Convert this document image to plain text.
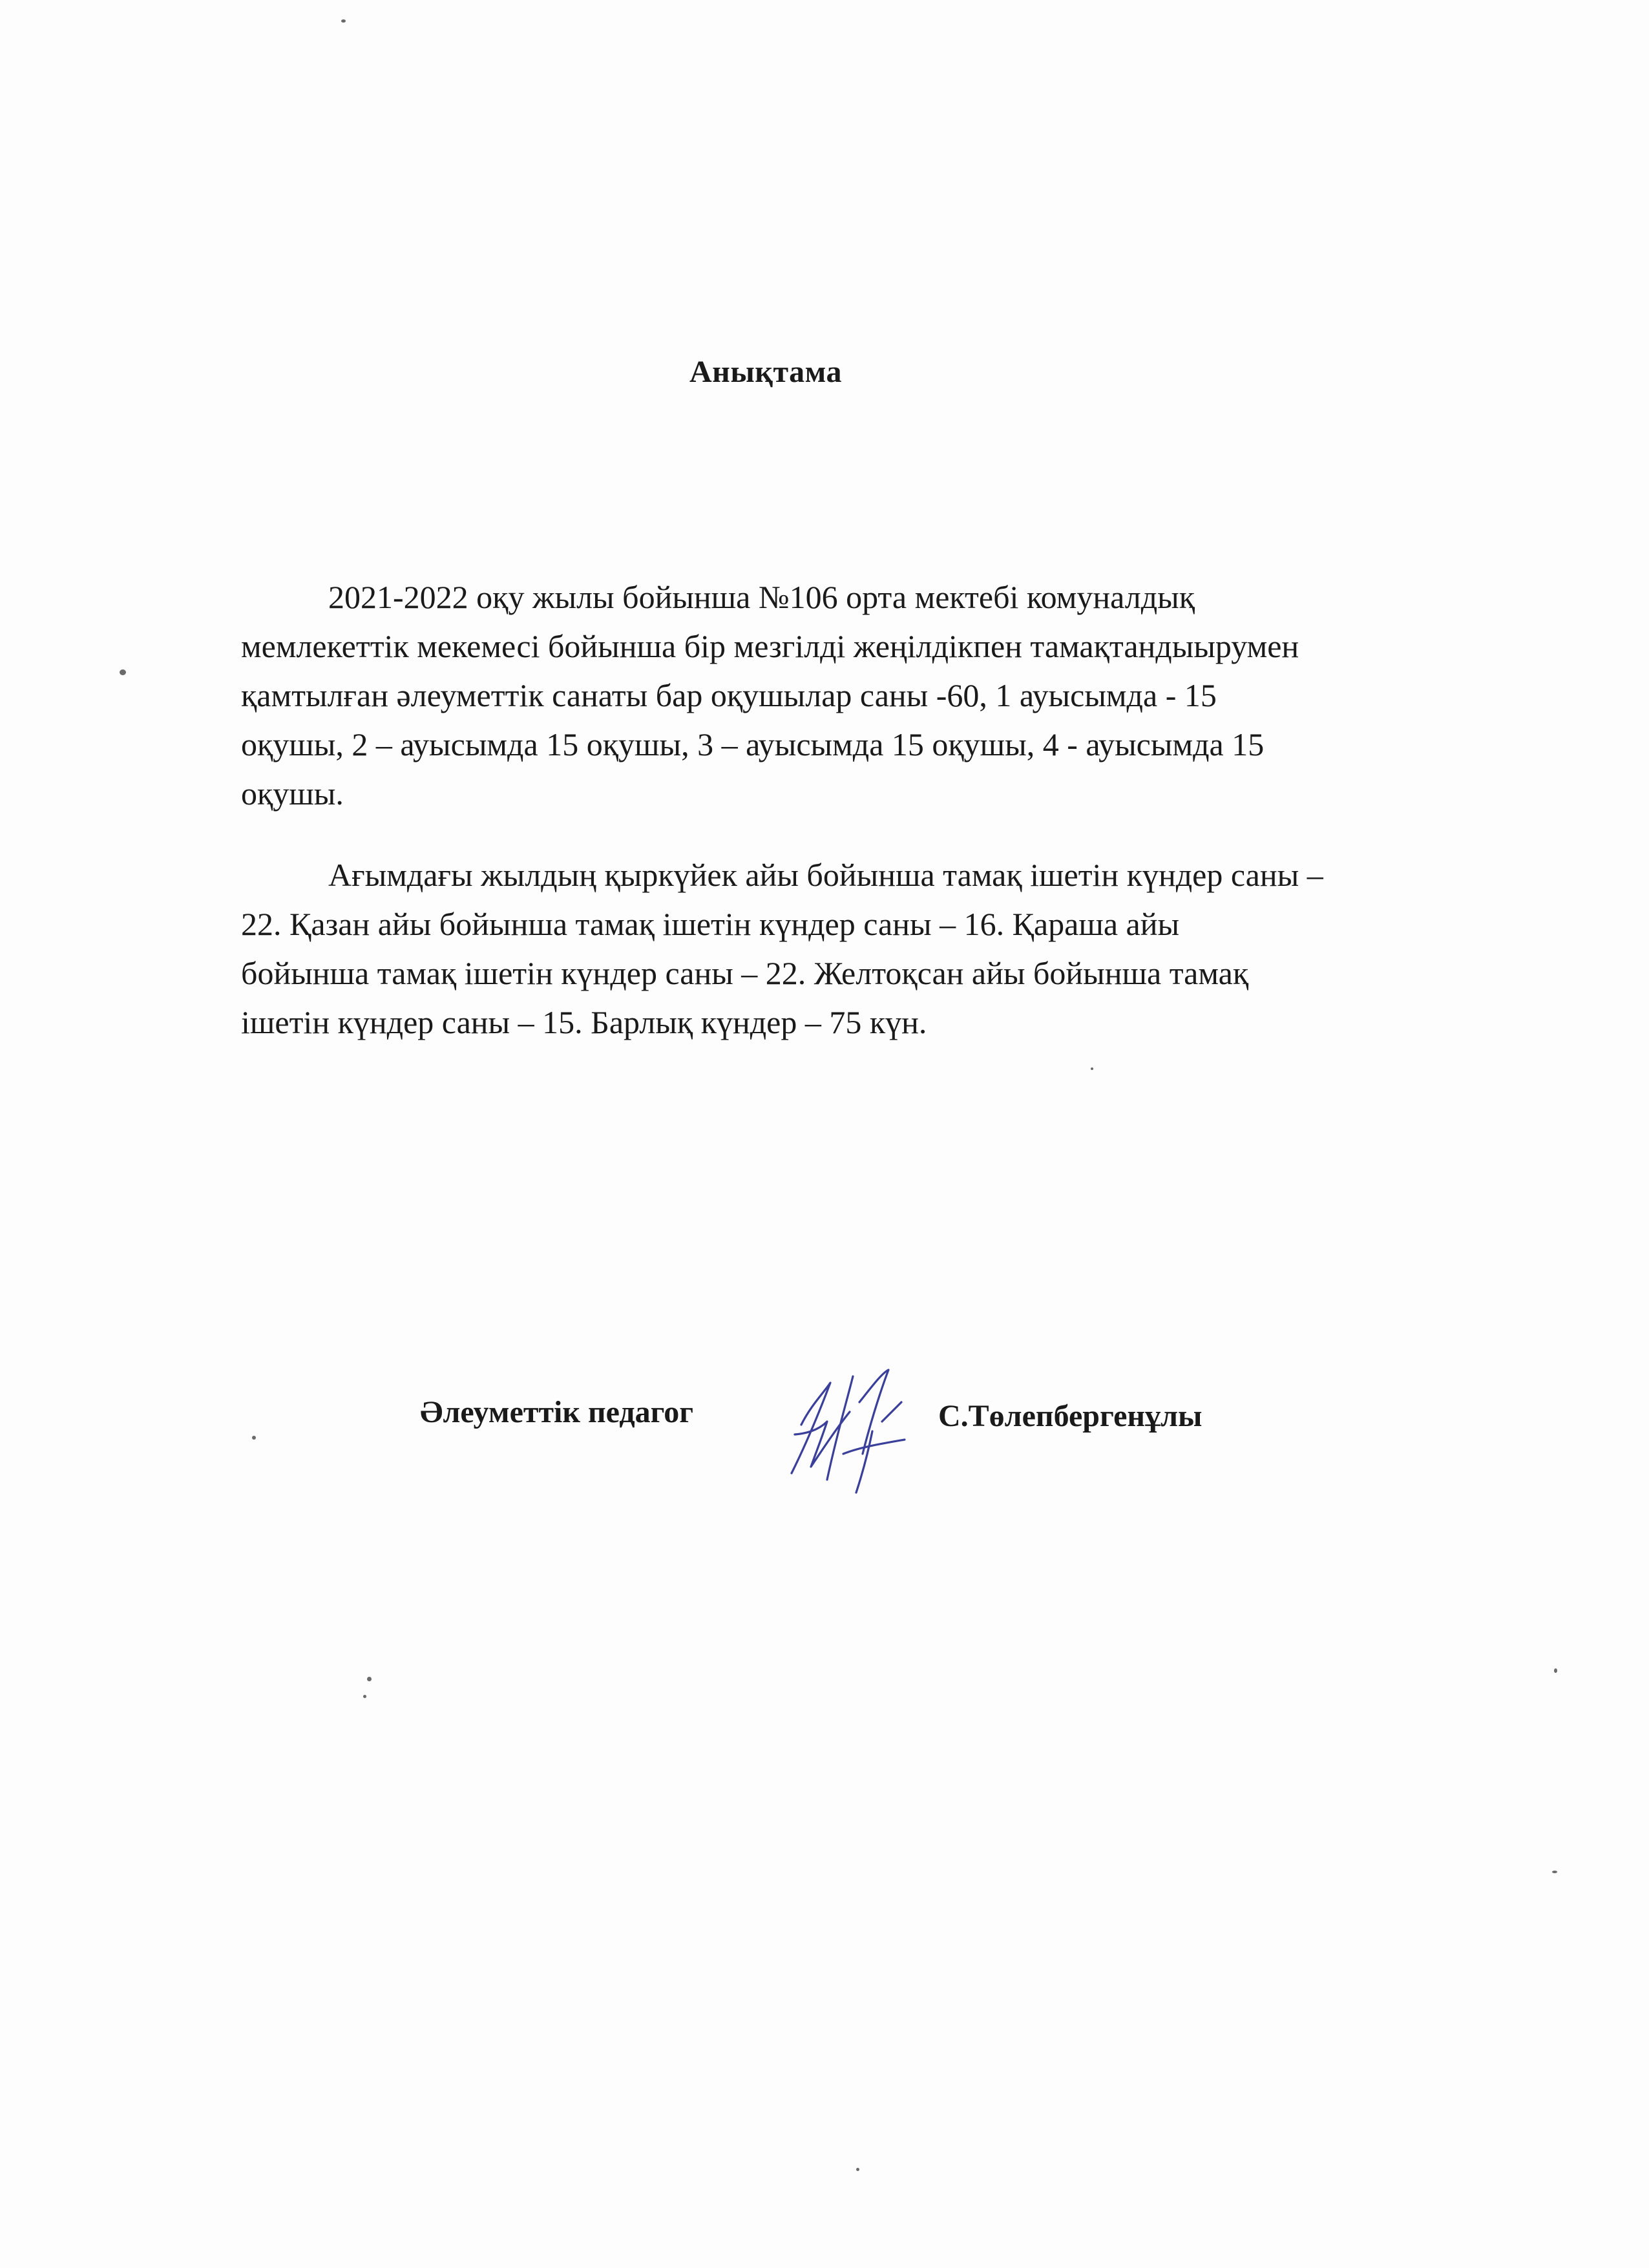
Анықтама
2021-2022 оқу жылы бойынша №106 орта мектебі комуналдық
мемлекеттік мекемесі бойынша бір мезгілді жеңілдікпен тамақтандыырумен
қамтылған әлеуметтік санаты бар оқушылар саны -60, 1 ауысымда - 15
оқушы, 2 – ауысымда 15 оқушы, 3 – ауысымда 15 оқушы, 4 - ауысымда 15
оқушы.
Ағымдағы жылдың қыркүйек айы бойынша тамақ ішетін күндер саны –
22. Қазан айы бойынша тамақ ішетін күндер саны – 16. Қараша айы
бойынша тамақ ішетін күндер саны – 22. Желтоқсан айы бойынша тамақ
ішетін күндер саны – 15. Барлық күндер – 75 күн.
Әлеуметтік педагог	С.Төлепбергенұлы
